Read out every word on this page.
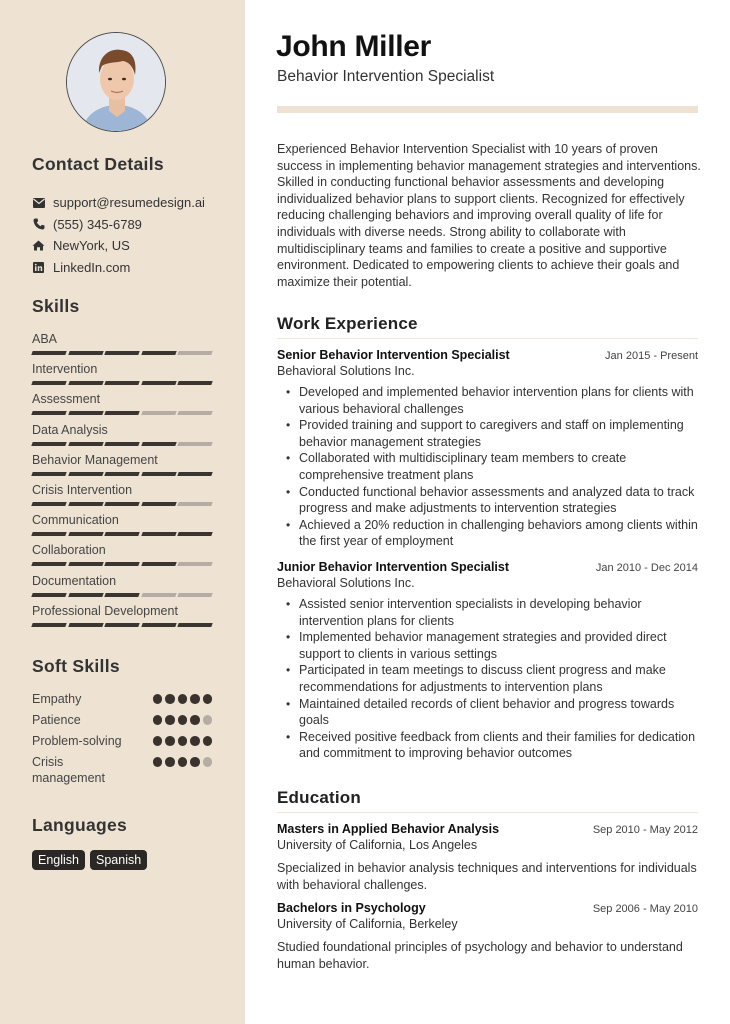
Contact Details
support@resumedesign.ai
(555) 345-6789
NewYork, US
LinkedIn.com
Skills
ABA
Intervention
Assessment
Data Analysis
Behavior Management
Crisis Intervention
Communication
Collaboration
Documentation
Professional Development
Soft Skills
Empathy
Patience
Problem-solving
Crisis management
Languages
English	Spanish
John Miller
Behavior Intervention Specialist

Experienced Behavior Intervention Specialist with 10 years of proven success in implementing behavior management strategies and interventions. Skilled in conducting functional behavior assessments and developing individualized behavior plans to support clients. Recognized for effectively reducing challenging behaviors and improving overall quality of life for individuals with diverse needs. Strong ability to collaborate with multidisciplinary teams and families to create a positive and supportive environment. Dedicated to empowering clients to achieve their goals and maximize their potential.

Work Experience
Senior Behavior Intervention Specialist	Jan 2015 - Present
Behavioral Solutions Inc.
• Developed and implemented behavior intervention plans for clients with various behavioral challenges
• Provided training and support to caregivers and staff on implementing behavior management strategies
• Collaborated with multidisciplinary team members to create comprehensive treatment plans
• Conducted functional behavior assessments and analyzed data to track progress and make adjustments to intervention strategies
• Achieved a 20% reduction in challenging behaviors among clients within the first year of employment
Junior Behavior Intervention Specialist	Jan 2010 - Dec 2014
Behavioral Solutions Inc.
• Assisted senior intervention specialists in developing behavior intervention plans for clients
• Implemented behavior management strategies and provided direct support to clients in various settings
• Participated in team meetings to discuss client progress and make recommendations for adjustments to intervention plans
• Maintained detailed records of client behavior and progress towards goals
• Received positive feedback from clients and their families for dedication and commitment to improving behavior outcomes
Education
Masters in Applied Behavior Analysis	Sep 2010 - May 2012
University of California, Los Angeles
Specialized in behavior analysis techniques and interventions for individuals with behavioral challenges.
Bachelors in Psychology	Sep 2006 - May 2010
University of California, Berkeley
Studied foundational principles of psychology and behavior to understand human behavior.
